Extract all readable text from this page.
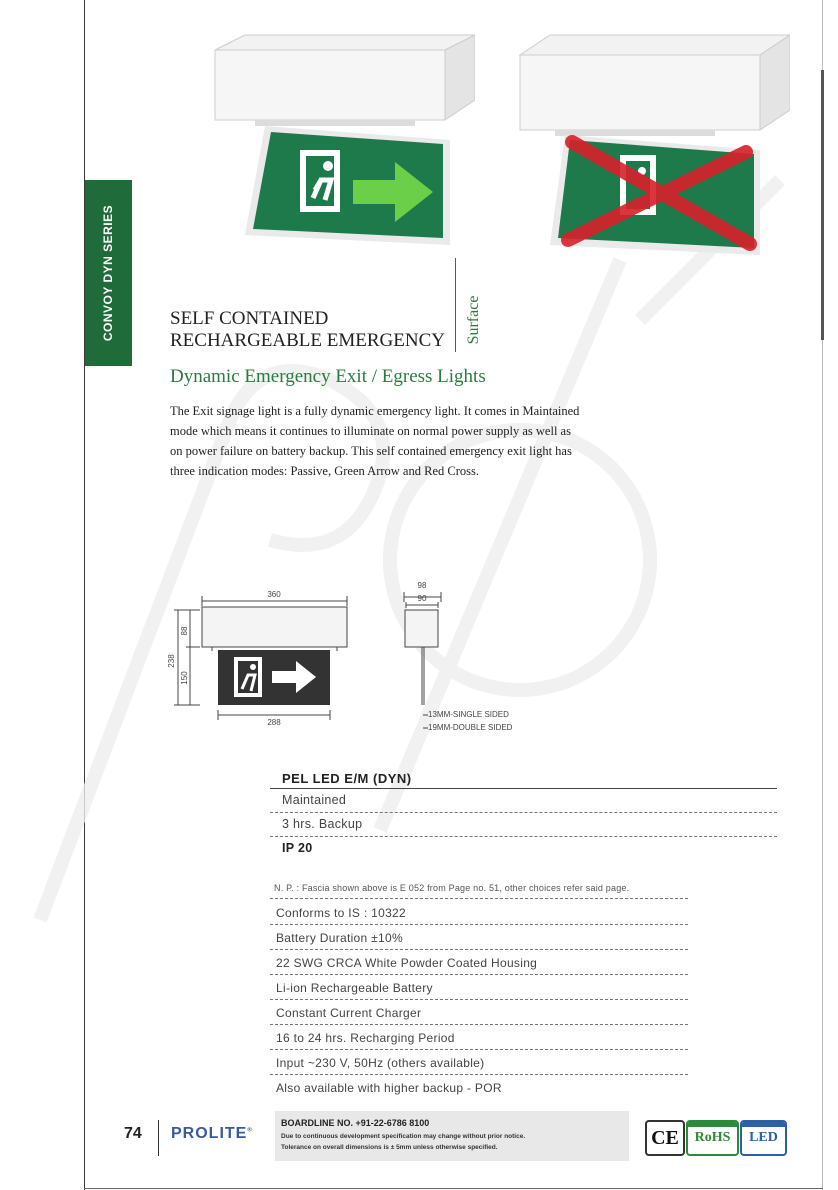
CONVOY DYN SERIES	SELF CONTAINED
RECHARGEABLE EMERGENCY Surface
Dynamic Emergency Exit / Egress Lights
The Exit signage light is a fully dynamic emergency light. It comes in Maintained
mode which means it continues to illuminate on normal power supply as well as
on power failure on battery backup. This self contained emergency exit light has
three indication modes: Passive, Green Arrow and Red Cross.
360
288
238
88
150
98
90
13MM-SINGLE SIDED
19MM-DOUBLE SIDED
PEL LED E/M (DYN)
Maintained
3 hrs. Backup
IP 20
N. P. : Fascia shown above is E 052 from Page no. 51, other choices refer said page.
Conforms to IS : 10322
Battery Duration ±10%
22 SWG CRCA White Powder Coated Housing
Li-ion Rechargeable Battery
Constant Current Charger
16 to 24 hrs. Recharging Period
Input ~230 V, 50Hz (others available)
Also available with higher backup - POR
74 PROLITE®
BOARDLINE NO. +91-22-6786 8100
Due to continuous development specification may change without prior notice.
Tolerance on overall dimensions is ± 5mm unless otherwise specified.	CE	RoHS	LED
